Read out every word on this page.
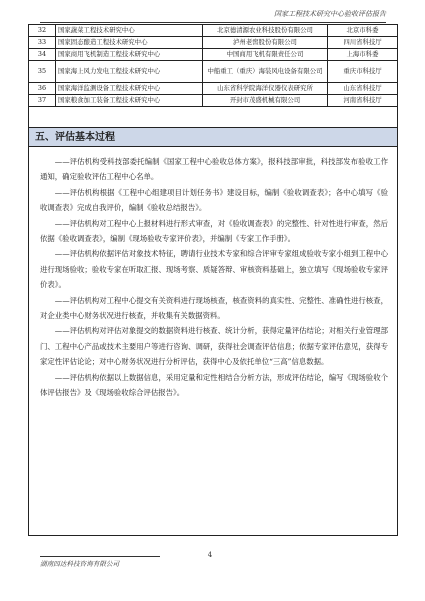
国家工程技术研究中心验收评估报告
32	国家蔬菜工程技术研究中心	北京德清源农业科技股份有限公司	北京市科委
33	国家固态酿造工程技术研究中心	泸州老窖股份有限公司	四川省科技厅
34	国家商用飞机制造工程技术研究中心	中国商用飞机有限责任公司	上海市科委
35	国家海上风力发电工程技术研究中心	中船重工（重庆）海装风电设备有限公司	重庆市科技厅
36	国家海洋监测设备工程技术研究中心	山东省科学院海洋仪器仪表研究所	山东省科技厅
37	国家粮食加工装备工程技术研究中心	开封市茂盛机械有限公司	河南省科技厅
五、评估基本过程

——评估机构受科技部委托编制《国家工程中心验收总体方案》，报科技部审批，科技部发布验收工作通知，确定验收评估工程中心名单。

——评估机构根据《工程中心组建项目计划任务书》建设目标，编制《验收调查表》；各中心填写《验收调查表》完成自我评价，编制《验收总结报告》。

——评估机构对工程中心上报材料进行形式审查，对《验收调查表》的完整性、针对性进行审查，然后依据《验收调查表》，编制《现场验收专家评价表》，并编制《专家工作手册》。

——评估机构依据评估对象技术特征，聘请行业技术专家和综合评审专家组成验收专家小组到工程中心进行现场验收；验收专家在听取汇报、现场考察、质疑答辩、审核资料基础上，独立填写《现场验收专家评价表》。

——评估机构对工程中心提交有关资料进行现场核查，核查资料的真实性、完整性、准确性进行核查，对企业类中心财务状况进行核查，并收集有关数据资料。

——评估机构对评估对象提交的数据资料进行核查、统计分析，获得定量评估结论；对相关行业管理部门、工程中心产品或技术主要用户等进行咨询、调研，获得社会调查评估信息；依据专家评估意见，获得专家定性评估论论；对中心财务状况进行分析评估，获得中心及依托单位“三高”信息数据。

——评估机构依据以上数据信息，采用定量和定性相结合分析方法，形成评估结论，编写《现场验收个体评估报告》及《现场验收综合评估报告》。

4
湖南四达科技咨询有限公司
